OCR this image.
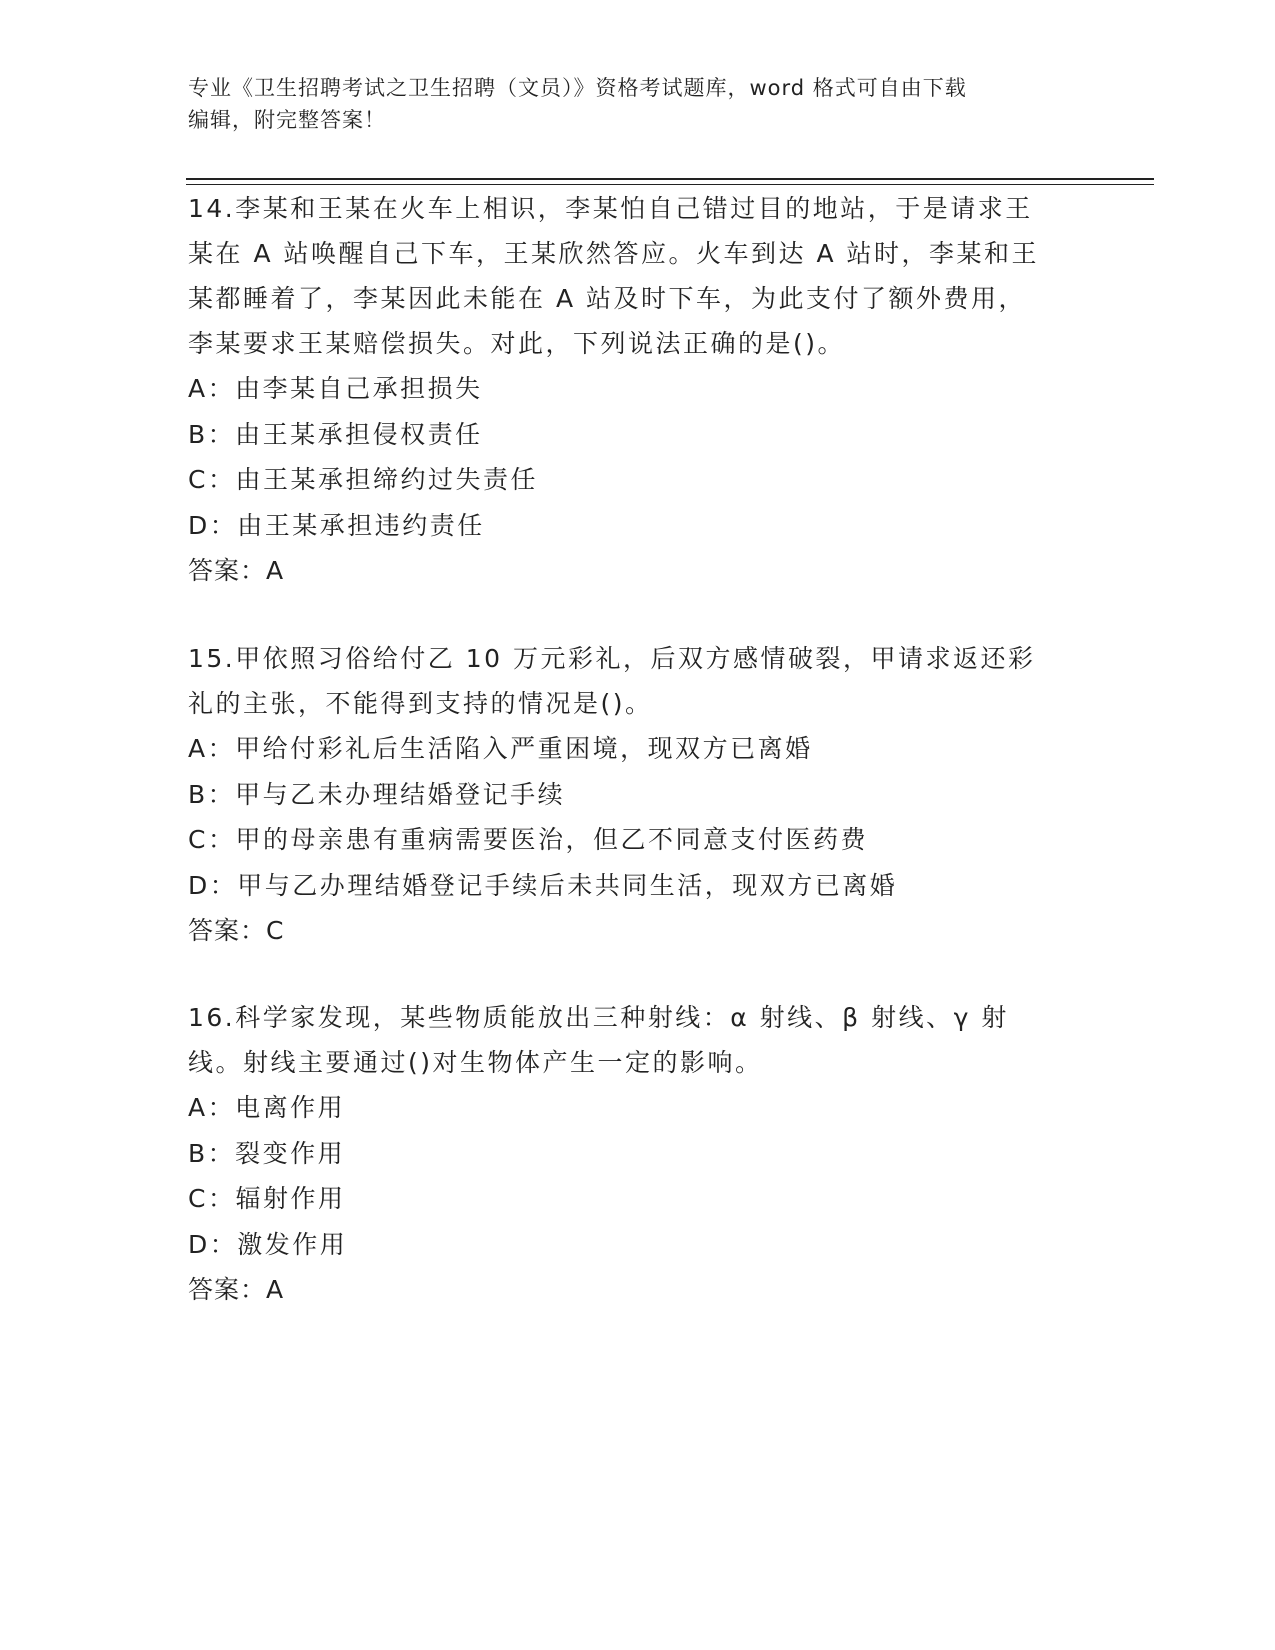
专业《卫生招聘考试之卫生招聘（文员）》资格考试题库，word 格式可自由下载
编辑，附完整答案！
14.李某和王某在火车上相识，李某怕自己错过目的地站，于是请求王
某在 A 站唤醒自己下车，王某欣然答应。火车到达 A 站时，李某和王
某都睡着了，李某因此未能在 A 站及时下车，为此支付了额外费用，
李某要求王某赔偿损失。对此，下列说法正确的是()。
A：由李某自己承担损失
B：由王某承担侵权责任
C：由王某承担缔约过失责任
D：由王某承担违约责任
答案：A
15.甲依照习俗给付乙 10 万元彩礼，后双方感情破裂，甲请求返还彩
礼的主张，不能得到支持的情况是()。
A：甲给付彩礼后生活陷入严重困境，现双方已离婚
B：甲与乙未办理结婚登记手续
C：甲的母亲患有重病需要医治，但乙不同意支付医药费
D：甲与乙办理结婚登记手续后未共同生活，现双方已离婚
答案：C
16.科学家发现，某些物质能放出三种射线：α 射线、β 射线、γ 射
线。射线主要通过()对生物体产生一定的影响。
A：电离作用
B：裂变作用
C：辐射作用
D：激发作用
答案：A
